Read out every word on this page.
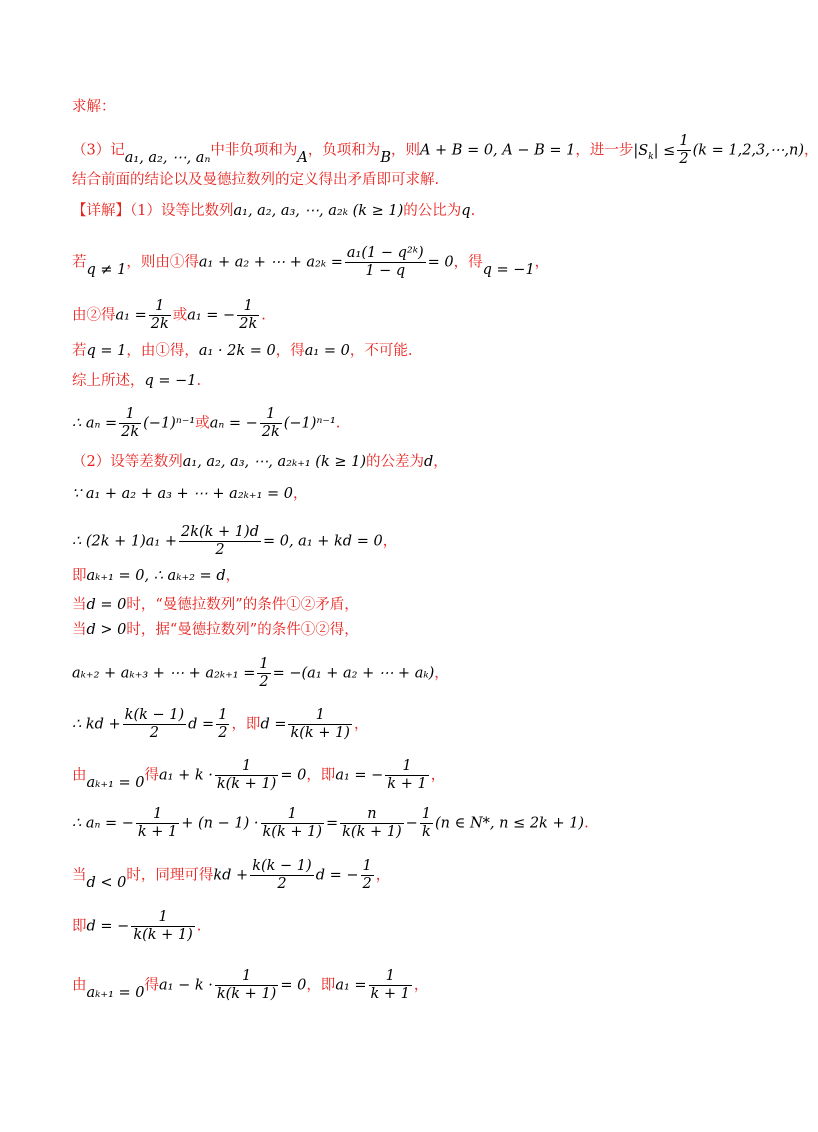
求解：
（3）记a₁, a₂, ⋯, aₙ中非负项和为A，负项和为B，则A + B = 0, A − B = 1，进一步$|S_k| \le \frac{1}{2} (k$ = 1,2,3,⋯,n)，
结合前面的结论以及曼德拉数列的定义得出矛盾即可求解.
【详解】（1）设等比数列a₁, a₂, a₃, ⋯, a₂ₖ (k ≥ 1)的公比为q.
若q ≠ 1，则由①得a₁ + a₂ + ⋯ + $a_{2k} = \frac{\text{a₁(1 − q²ᵏ)}}{1 - q} = 0$，得q = −1，
由②得$a_1 = \frac{1}{2k}$ 或a₁ = − $\frac{1}{2k}$ .
若q = 1，由①得，a₁ · 2k = 0，得a₁ = 0，不可能.
综上所述，q = −1.
∴ $a_n = \frac{1}{2k} (-1)^{n-1}$或aₙ = − $\frac{1}{2k} (-1)^{n-1}$.
（2）设等差数列a₁, a₂, a₃, ⋯, a₂ₖ₊₁ (k ≥ 1)的公差为d，
∵ a₁ + a₂ + a₃ + ⋯ + a₂ₖ₊₁ = 0，
∴ $(2k + 1)a_1 + \frac{2k(k + 1)d}{2} = 0$, a₁ + kd = 0，
即aₖ₊₁ = 0, ∴ aₖ₊₂ = d，
当d = 0时，“曼德拉数列”的条件①②矛盾，
当d > 0时，据“曼德拉数列”的条件①②得，
aₖ₊₂ + aₖ₊₃ + ⋯ + $a_{2k+1} = \frac{1}{2} = -(a_1 + a_2$ + ⋯ + aₖ)，
∴ kd + $\frac{k(k - 1)}{2}$ $d = \frac{1}{2}$ ，即$d = \frac{1}{k(k + 1)}$ ，
由aₖ₊₁ = 0得$a_1 + k \cdot \frac{1}{k(k + 1)} = 0$，即a₁ = − $\frac{1}{k + 1}$ ，
∴ aₙ = − $\frac{1}{k + 1} + (n - 1) \cdot \frac{1}{k(k + 1)} = \frac{n}{k(k + 1)} - \frac{1}{k} (n$ ∈ N*, n ≤ 2k + 1).
当d < 0时，同理可得kd + $\frac{k(k - 1)}{2}$ d = − $\frac{1}{2}$ ，
即d = − $\frac{1}{k(k + 1)}$ .
由aₖ₊₁ = 0得$a_1 - k \cdot \frac{1}{k(k + 1)} = 0$，即$a_1 = \frac{1}{k + 1}$ ，
